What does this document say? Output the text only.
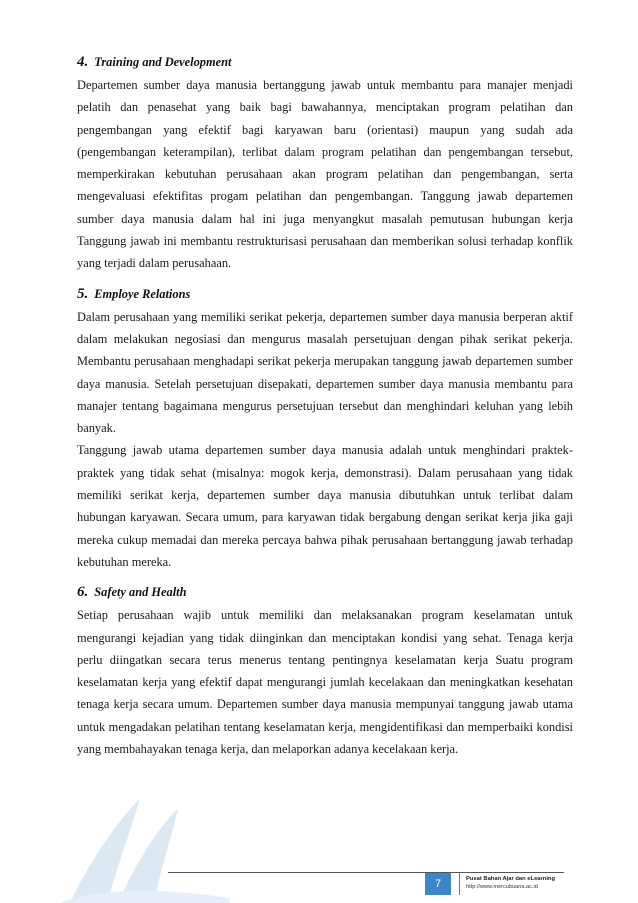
4. Training and Development

Departemen sumber daya manusia bertanggung jawab untuk membantu para manajer menjadi pelatih dan penasehat yang baik bagi bawahannya, menciptakan program pelatihan dan pengembangan yang efektif bagi karyawan baru (orientasi) maupun yang sudah ada (pengembangan keterampilan), terlibat dalam program pelatihan dan pengembangan tersebut, memperkirakan kebutuhan perusahaan akan program pelatihan dan pengembangan, serta mengevaluasi efektifitas progam pelatihan dan pengembangan. Tanggung jawab departemen sumber daya manusia dalam hal ini juga menyangkut masalah pemutusan hubungan kerja Tanggung jawab ini membantu restrukturisasi perusahaan dan memberikan solusi terhadap konflik yang terjadi dalam perusahaan.

5. Employe Relations

Dalam perusahaan yang memiliki serikat pekerja, departemen sumber daya manusia berperan aktif dalam melakukan negosiasi dan mengurus masalah persetujuan dengan pihak serikat pekerja. Membantu perusahaan menghadapi serikat pekerja merupakan tanggung jawab departemen sumber daya manusia. Setelah persetujuan disepakati, departemen sumber daya manusia membantu para manajer tentang bagaimana mengurus persetujuan tersebut dan menghindari keluhan yang lebih banyak.

Tanggung jawab utama departemen sumber daya manusia adalah untuk menghindari praktek-praktek yang tidak sehat (misalnya: mogok kerja, demonstrasi). Dalam perusahaan yang tidak memiliki serikat kerja, departemen sumber daya manusia dibutuhkan untuk terlibat dalam hubungan karyawan. Secara umum, para karyawan tidak bergabung dengan serikat kerja jika gaji mereka cukup memadai dan mereka percaya bahwa pihak perusahaan bertanggung jawab terhadap kebutuhan mereka.

6. Safety and Health

Setiap perusahaan wajib untuk memiliki dan melaksanakan program keselamatan untuk mengurangi kejadian yang tidak diinginkan dan menciptakan kondisi yang sehat. Tenaga kerja perlu diingatkan secara terus menerus tentang pentingnya keselamatan kerja Suatu program keselamatan kerja yang efektif dapat mengurangi jumlah kecelakaan dan meningkatkan kesehatan tenaga kerja secara umum. Departemen sumber daya manusia mempunyai tanggung jawab utama untuk mengadakan pelatihan tentang keselamatan kerja, mengidentifikasi dan memperbaiki kondisi yang membahayakan tenaga kerja, dan melaporkan adanya kecelakaan kerja.

7	Pusat Bahan Ajar dan eLearning
http://www.mercubuana.ac.id
